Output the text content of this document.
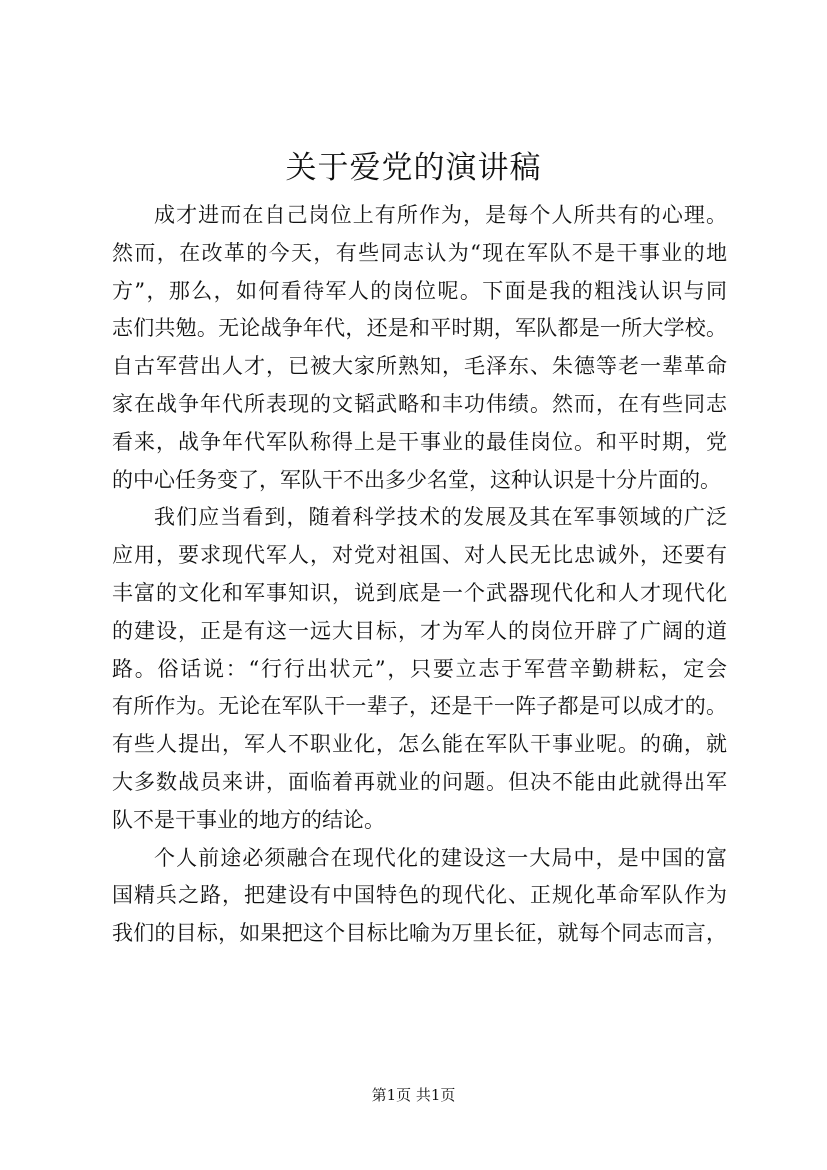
关于爱党的演讲稿
成才进而在自己岗位上有所作为，是每个人所共有的心理。
然而，在改革的今天，有些同志认为“现在军队不是干事业的地
方”，那么，如何看待军人的岗位呢。下面是我的粗浅认识与同
志们共勉。无论战争年代，还是和平时期，军队都是一所大学校。
自古军营出人才，已被大家所熟知，毛泽东、朱德等老一辈革命
家在战争年代所表现的文韬武略和丰功伟绩。然而，在有些同志
看来，战争年代军队称得上是干事业的最佳岗位。和平时期，党
的中心任务变了，军队干不出多少名堂，这种认识是十分片面的。
我们应当看到，随着科学技术的发展及其在军事领域的广泛
应用，要求现代军人，对党对祖国、对人民无比忠诚外，还要有
丰富的文化和军事知识，说到底是一个武器现代化和人才现代化
的建设，正是有这一远大目标，才为军人的岗位开辟了广阔的道
路。俗话说：“行行出状元”，只要立志于军营辛勤耕耘，定会
有所作为。无论在军队干一辈子，还是干一阵子都是可以成才的。
有些人提出，军人不职业化，怎么能在军队干事业呢。的确，就
大多数战员来讲，面临着再就业的问题。但决不能由此就得出军
队不是干事业的地方的结论。
个人前途必须融合在现代化的建设这一大局中，是中国的富
国精兵之路，把建设有中国特色的现代化、正规化革命军队作为
我们的目标，如果把这个目标比喻为万里长征，就每个同志而言，
第1页 共1页
